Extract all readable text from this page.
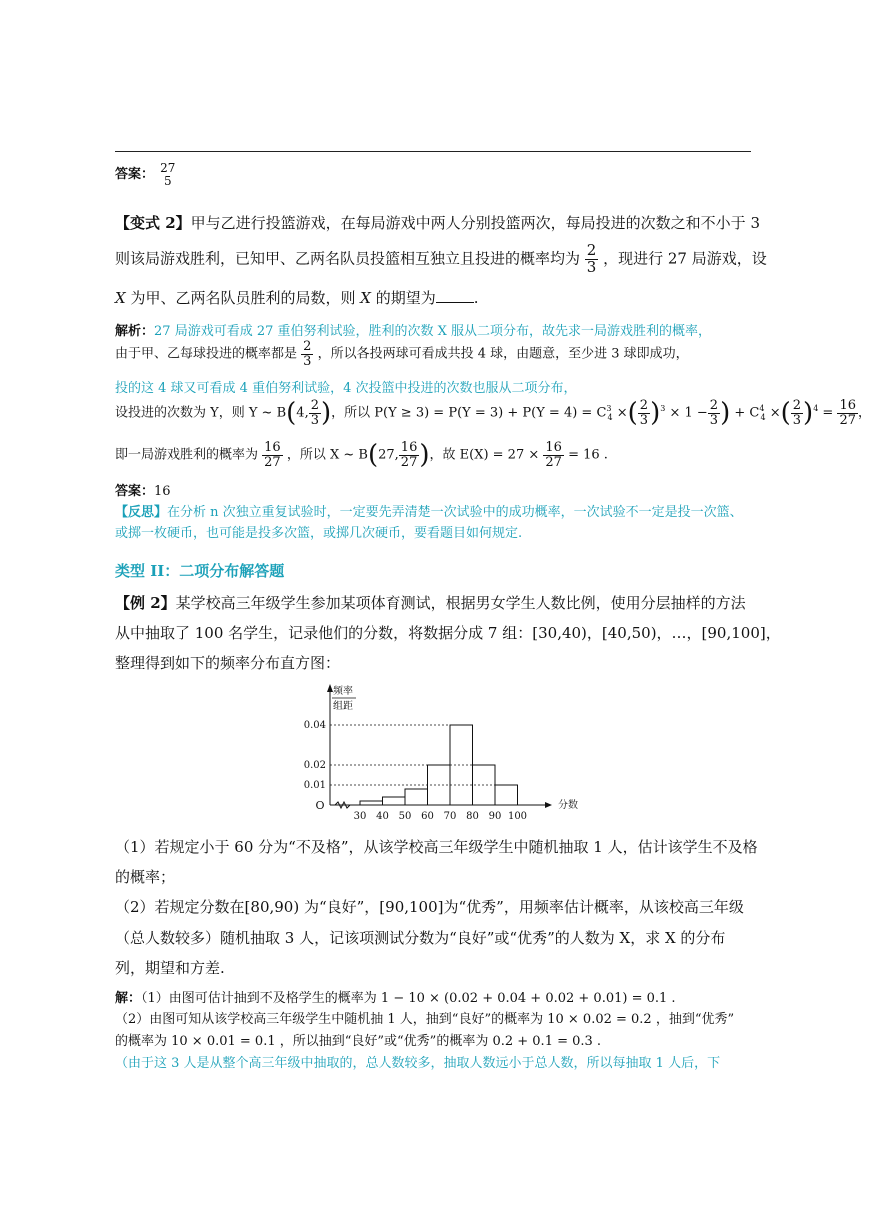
答案： 27
5
【变式 2】甲与乙进行投篮游戏，在每局游戏中两人分别投篮两次，每局投进的次数之和不小于 3
则该局游戏胜利，已知甲、乙两名队员投篮相互独立且投进的概率均为 $\frac{2}{3}$ ，现进行 27 局游戏，设
X 为甲、乙两名队员胜利的局数，则 X 的期望为	.
解析：27 局游戏可看成 27 重伯努利试验，胜利的次数 X 服从二项分布，故先求一局游戏胜利的概率，
由于甲、乙每球投进的概率都是 $\frac{2}{3}$ ，所以各投两球可看成共投 4 球，由题意，至少进 3 球即成功，
投的这 4 球又可看成 4 重伯努利试验，4 次投篮中投进的次数也服从二项分布，
设投进的次数为 Y，则 Y ~ B(4, $\frac{2}{3}$ )，所以 $P(Y \ge 3) = P(Y = 3) + P(Y = 4) = C^3_4$ ×( $\frac{2}{3} )^3 \times 1 - \frac{2}{3}$ ) + $C^4_4$ ×( $\frac{2}{3} )^4 = \frac{16}{27}$ ，
即一局游戏胜利的概率为 $\frac{16}{27}$ ，所以 X ~ B(27, $\frac{16}{27}$ )，故 $E(X) = 27 \times \frac{16}{27} = 16$ .
答案：16
【反思】在分析 n 次独立重复试验时，一定要先弄清楚一次试验中的成功概率，一次试验不一定是投一次篮、
或掷一枚硬币，也可能是投多次篮，或掷几次硬币，要看题目如何规定.
类型 II：二项分布解答题
【例 2】某学校高三年级学生参加某项体育测试，根据男女学生人数比例，使用分层抽样的方法
从中抽取了 100 名学生，记录他们的分数，将数据分成 7 组：[30,40)，[40,50)，…，[90,100]，
整理得到如下的频率分布直方图：
频率
组距
O
0.04
0.02
0.01
30 40 50 60 70 80 90 100
分数
（1）若规定小于 60 分为“不及格”，从该学校高三年级学生中随机抽取 1 人，估计该学生不及格
的概率；
（2）若规定分数在[80,90) 为“良好”，[90,100]为“优秀”，用频率估计概率，从该校高三年级
（总人数较多）随机抽取 3 人，记该项测试分数为“良好”或“优秀”的人数为 X，求 X 的分布
列，期望和方差.
解：（1）由图可估计抽到不及格学生的概率为 1 − 10 × (0.02 + 0.04 + 0.02 + 0.01) = 0.1 .
（2）由图可知从该学校高三年级学生中随机抽 1 人，抽到“良好”的概率为 10 × 0.02 = 0.2 ，抽到“优秀”
的概率为 10 × 0.01 = 0.1 ，所以抽到“良好”或“优秀”的概率为 0.2 + 0.1 = 0.3 .
（由于这 3 人是从整个高三年级中抽取的，总人数较多，抽取人数远小于总人数，所以每抽取 1 人后，下
